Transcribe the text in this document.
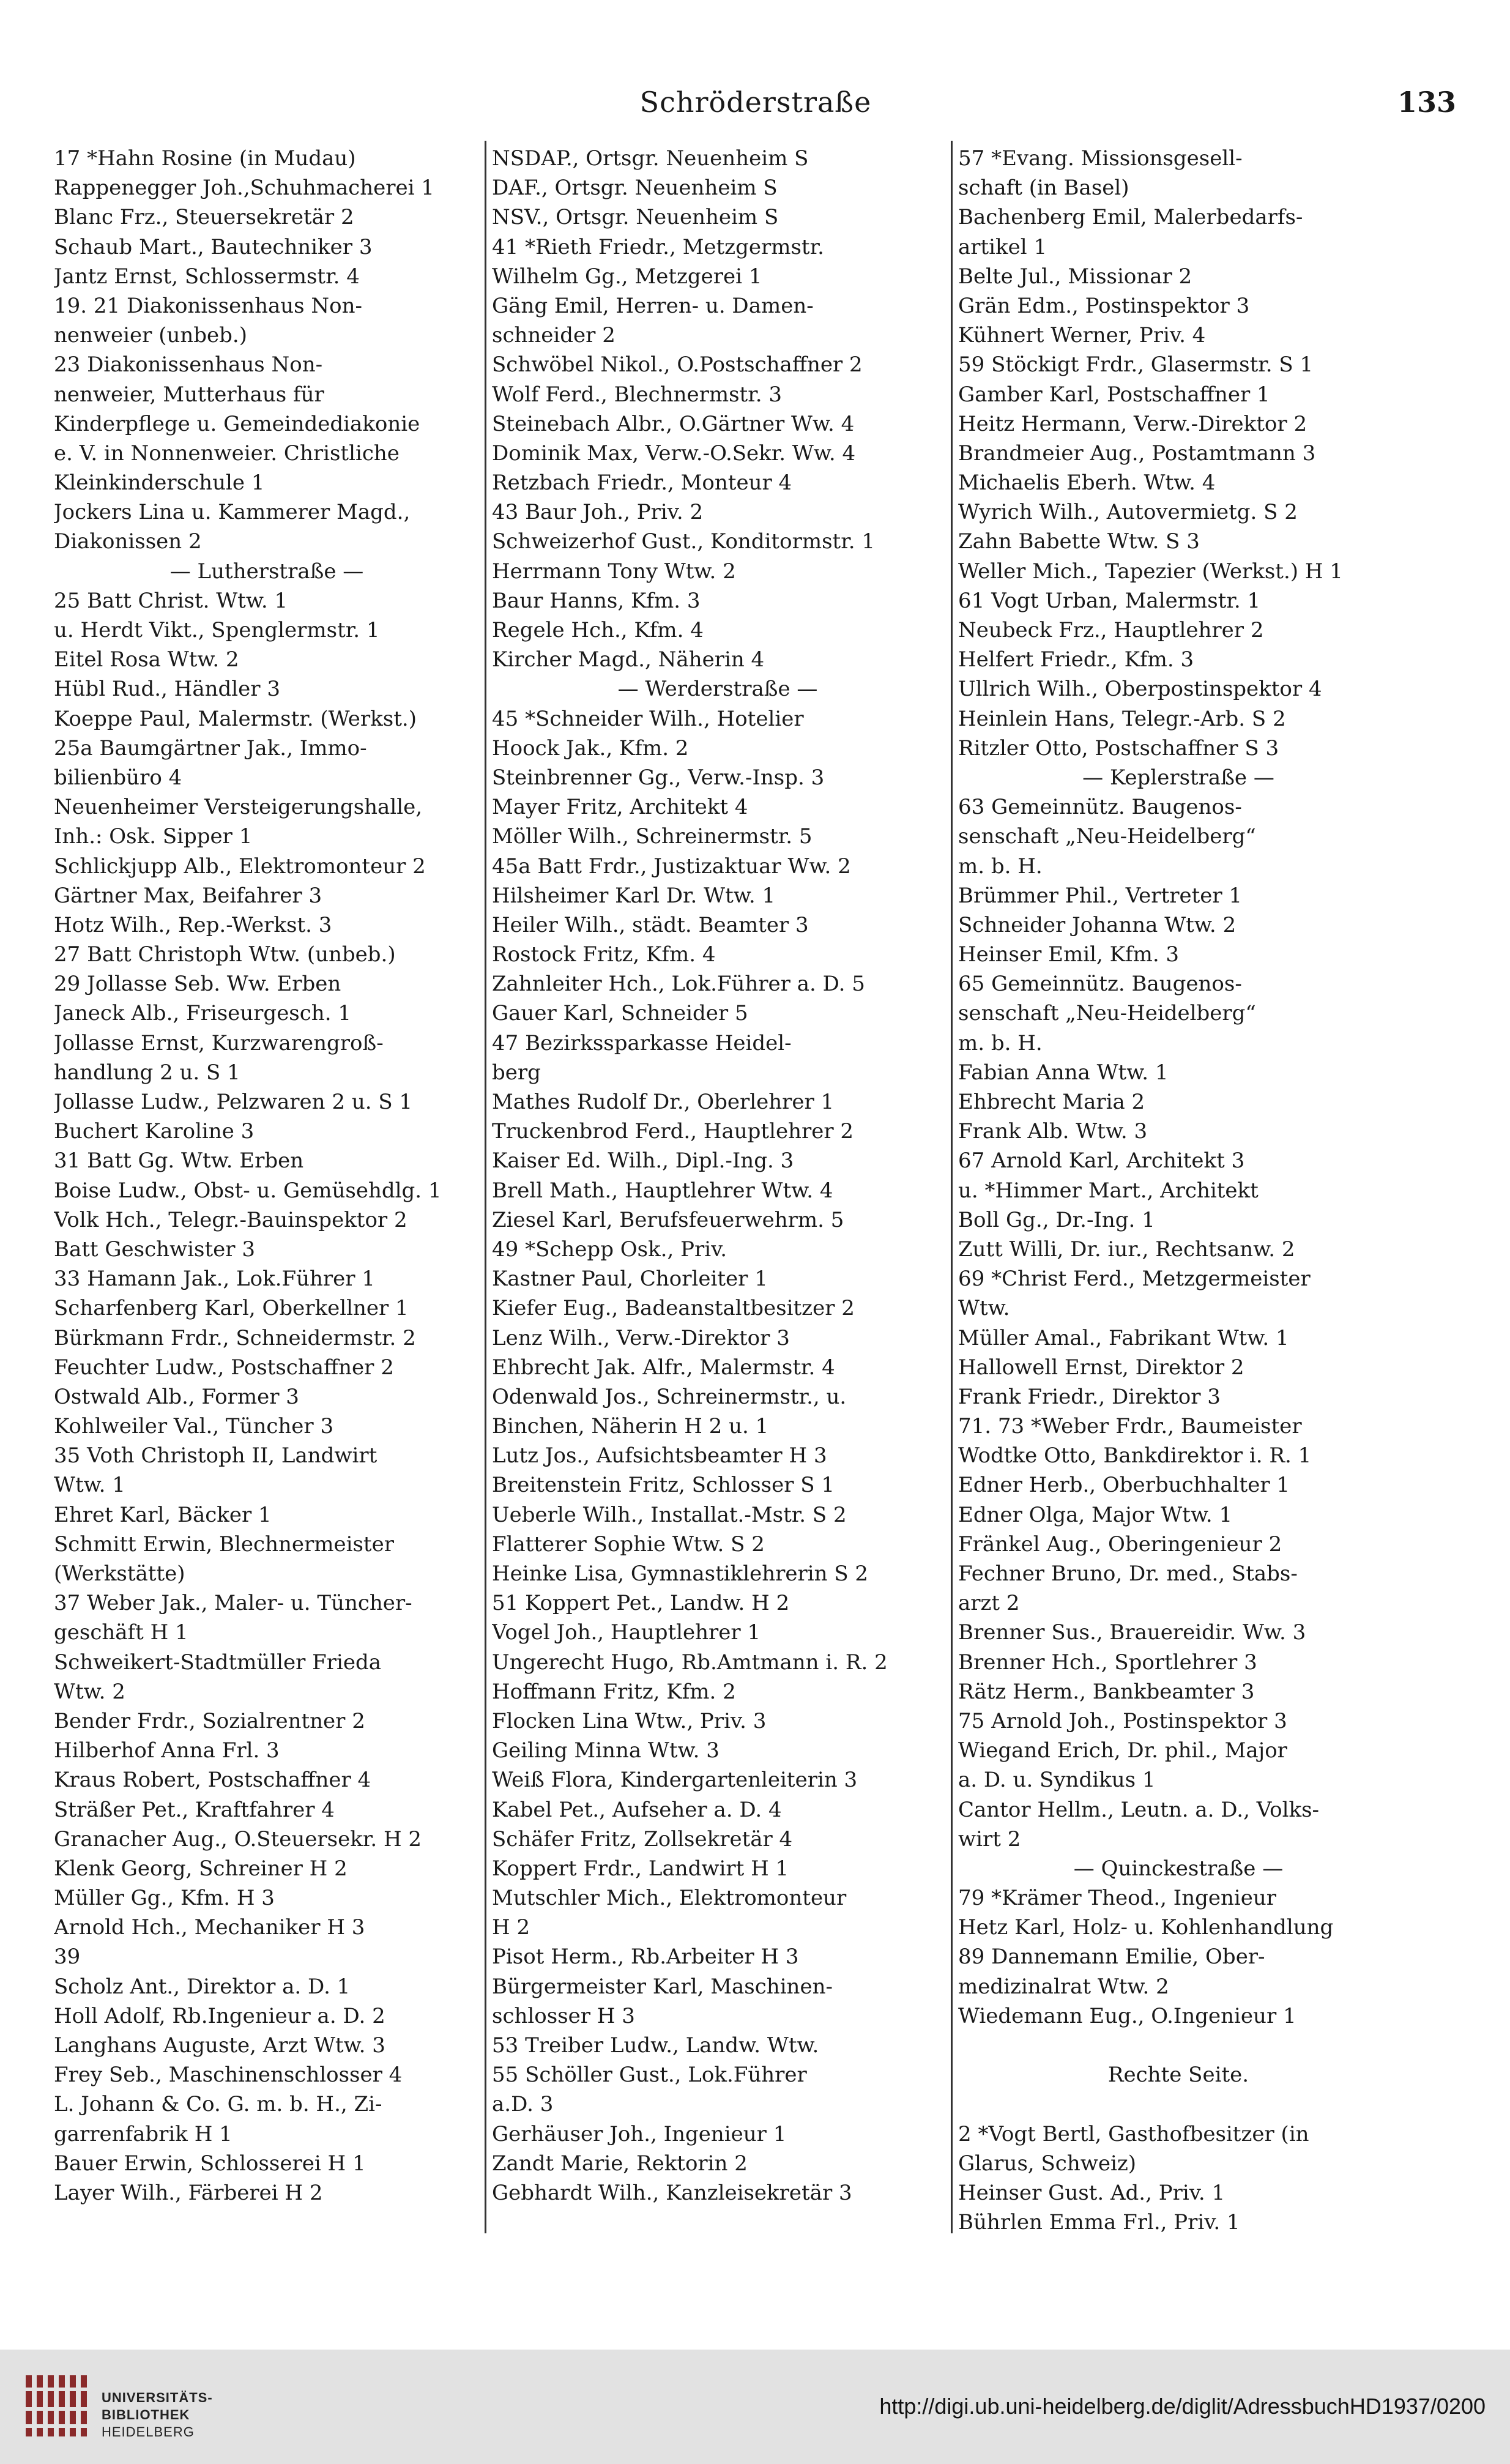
Schröderstraße	133
17 *Hahn Rosine (in Mudau)
Rappenegger Joh.,Schuhmacherei 1
Blanc Frz., Steuersekretär 2
Schaub Mart., Bautechniker 3
Jantz Ernst, Schlossermstr. 4
19. 21 Diakonissenhaus Non-
nenweier (unbeb.)
23 Diakonissenhaus Non-
nenweier, Mutterhaus für
Kinderpflege u. Gemeindediakonie
e. V. in Nonnenweier. Christliche
Kleinkinderschule 1
Jockers Lina u. Kammerer Magd.,
Diakonissen 2
— Lutherstraße —
25 Batt Christ. Wtw. 1
u. Herdt Vikt., Spenglermstr. 1
Eitel Rosa Wtw. 2
Hübl Rud., Händler 3
Koeppe Paul, Malermstr. (Werkst.)
25a Baumgärtner Jak., Immo-
bilienbüro 4
Neuenheimer Versteigerungshalle,
Inh.: Osk. Sipper 1
Schlickjupp Alb., Elektromonteur 2
Gärtner Max, Beifahrer 3
Hotz Wilh., Rep.-Werkst. 3
27 Batt Christoph Wtw. (unbeb.)
29 Jollasse Seb. Ww. Erben
Janeck Alb., Friseurgesch. 1
Jollasse Ernst, Kurzwarengroß-
handlung 2 u. S 1
Jollasse Ludw., Pelzwaren 2 u. S 1
Buchert Karoline 3
31 Batt Gg. Wtw. Erben
Boise Ludw., Obst- u. Gemüsehdlg. 1
Volk Hch., Telegr.-Bauinspektor 2
Batt Geschwister 3
33 Hamann Jak., Lok.Führer 1
Scharfenberg Karl, Oberkellner 1
Bürkmann Frdr., Schneidermstr. 2
Feuchter Ludw., Postschaffner 2
Ostwald Alb., Former 3
Kohlweiler Val., Tüncher 3
35 Voth Christoph II, Landwirt
Wtw. 1
Ehret Karl, Bäcker 1
Schmitt Erwin, Blechnermeister
(Werkstätte)
37 Weber Jak., Maler- u. Tüncher-
geschäft H 1
Schweikert-Stadtmüller Frieda
Wtw. 2
Bender Frdr., Sozialrentner 2
Hilberhof Anna Frl. 3
Kraus Robert, Postschaffner 4
Sträßer Pet., Kraftfahrer 4
Granacher Aug., O.Steuersekr. H 2
Klenk Georg, Schreiner H 2
Müller Gg., Kfm. H 3
Arnold Hch., Mechaniker H 3
39
Scholz Ant., Direktor a. D. 1
Holl Adolf, Rb.Ingenieur a. D. 2
Langhans Auguste, Arzt Wtw. 3
Frey Seb., Maschinenschlosser 4
L. Johann & Co. G. m. b. H., Zi-
garrenfabrik H 1
Bauer Erwin, Schlosserei H 1
Layer Wilh., Färberei H 2
NSDAP., Ortsgr. Neuenheim S
DAF., Ortsgr. Neuenheim S
NSV., Ortsgr. Neuenheim S
41 *Rieth Friedr., Metzgermstr.
Wilhelm Gg., Metzgerei 1
Gäng Emil, Herren- u. Damen-
schneider 2
Schwöbel Nikol., O.Postschaffner 2
Wolf Ferd., Blechnermstr. 3
Steinebach Albr., O.Gärtner Ww. 4
Dominik Max, Verw.-O.Sekr. Ww. 4
Retzbach Friedr., Monteur 4
43 Baur Joh., Priv. 2
Schweizerhof Gust., Konditormstr. 1
Herrmann Tony Wtw. 2
Baur Hanns, Kfm. 3
Regele Hch., Kfm. 4
Kircher Magd., Näherin 4
— Werderstraße —
45 *Schneider Wilh., Hotelier
Hoock Jak., Kfm. 2
Steinbrenner Gg., Verw.-Insp. 3
Mayer Fritz, Architekt 4
Möller Wilh., Schreinermstr. 5
45a Batt Frdr., Justizaktuar Ww. 2
Hilsheimer Karl Dr. Wtw. 1
Heiler Wilh., städt. Beamter 3
Rostock Fritz, Kfm. 4
Zahnleiter Hch., Lok.Führer a. D. 5
Gauer Karl, Schneider 5
47 Bezirkssparkasse Heidel-
berg
Mathes Rudolf Dr., Oberlehrer 1
Truckenbrod Ferd., Hauptlehrer 2
Kaiser Ed. Wilh., Dipl.-Ing. 3
Brell Math., Hauptlehrer Wtw. 4
Ziesel Karl, Berufsfeuerwehrm. 5
49 *Schepp Osk., Priv.
Kastner Paul, Chorleiter 1
Kiefer Eug., Badeanstaltbesitzer 2
Lenz Wilh., Verw.-Direktor 3
Ehbrecht Jak. Alfr., Malermstr. 4
Odenwald Jos., Schreinermstr., u.
Binchen, Näherin H 2 u. 1
Lutz Jos., Aufsichtsbeamter H 3
Breitenstein Fritz, Schlosser S 1
Ueberle Wilh., Installat.-Mstr. S 2
Flatterer Sophie Wtw. S 2
Heinke Lisa, Gymnastiklehrerin S 2
51 Koppert Pet., Landw. H 2
Vogel Joh., Hauptlehrer 1
Ungerecht Hugo, Rb.Amtmann i. R. 2
Hoffmann Fritz, Kfm. 2
Flocken Lina Wtw., Priv. 3
Geiling Minna Wtw. 3
Weiß Flora, Kindergartenleiterin 3
Kabel Pet., Aufseher a. D. 4
Schäfer Fritz, Zollsekretär 4
Koppert Frdr., Landwirt H 1
Mutschler Mich., Elektromonteur
H 2
Pisot Herm., Rb.Arbeiter H 3
Bürgermeister Karl, Maschinen-
schlosser H 3
53 Treiber Ludw., Landw. Wtw.
55 Schöller Gust., Lok.Führer
a.D. 3
Gerhäuser Joh., Ingenieur 1
Zandt Marie, Rektorin 2
Gebhardt Wilh., Kanzleisekretär 3
57 *Evang. Missionsgesell-
schaft (in Basel)
Bachenberg Emil, Malerbedarfs-
artikel 1
Belte Jul., Missionar 2
Grän Edm., Postinspektor 3
Kühnert Werner, Priv. 4
59 Stöckigt Frdr., Glasermstr. S 1
Gamber Karl, Postschaffner 1
Heitz Hermann, Verw.-Direktor 2
Brandmeier Aug., Postamtmann 3
Michaelis Eberh. Wtw. 4
Wyrich Wilh., Autovermietg. S 2
Zahn Babette Wtw. S 3
Weller Mich., Tapezier (Werkst.) H 1
61 Vogt Urban, Malermstr. 1
Neubeck Frz., Hauptlehrer 2
Helfert Friedr., Kfm. 3
Ullrich Wilh., Oberpostinspektor 4
Heinlein Hans, Telegr.-Arb. S 2
Ritzler Otto, Postschaffner S 3
— Keplerstraße —
63 Gemeinnütz. Baugenos-
senschaft „Neu-Heidelberg“
m. b. H.
Brümmer Phil., Vertreter 1
Schneider Johanna Wtw. 2
Heinser Emil, Kfm. 3
65 Gemeinnütz. Baugenos-
senschaft „Neu-Heidelberg“
m. b. H.
Fabian Anna Wtw. 1
Ehbrecht Maria 2
Frank Alb. Wtw. 3
67 Arnold Karl, Architekt 3
u. *Himmer Mart., Architekt
Boll Gg., Dr.-Ing. 1
Zutt Willi, Dr. iur., Rechtsanw. 2
69 *Christ Ferd., Metzgermeister
Wtw.
Müller Amal., Fabrikant Wtw. 1
Hallowell Ernst, Direktor 2
Frank Friedr., Direktor 3
71. 73 *Weber Frdr., Baumeister
Wodtke Otto, Bankdirektor i. R. 1
Edner Herb., Oberbuchhalter 1
Edner Olga, Major Wtw. 1
Fränkel Aug., Oberingenieur 2
Fechner Bruno, Dr. med., Stabs-
arzt 2
Brenner Sus., Brauereidir. Ww. 3
Brenner Hch., Sportlehrer 3
Rätz Herm., Bankbeamter 3
75 Arnold Joh., Postinspektor 3
Wiegand Erich, Dr. phil., Major
a. D. u. Syndikus 1
Cantor Hellm., Leutn. a. D., Volks-
wirt 2
— Quinckestraße —
79 *Krämer Theod., Ingenieur
Hetz Karl, Holz- u. Kohlenhandlung
89 Dannemann Emilie, Ober-
medizinalrat Wtw. 2
Wiedemann Eug., O.Ingenieur 1
Rechte Seite.
2 *Vogt Bertl, Gasthofbesitzer (in
Glarus, Schweiz)
Heinser Gust. Ad., Priv. 1
Bührlen Emma Frl., Priv. 1
UNIVERSITÄTS-
BIBLIOTHEK
HEIDELBERG
http://digi.ub.uni-heidelberg.de/diglit/AdressbuchHD1937/0200
